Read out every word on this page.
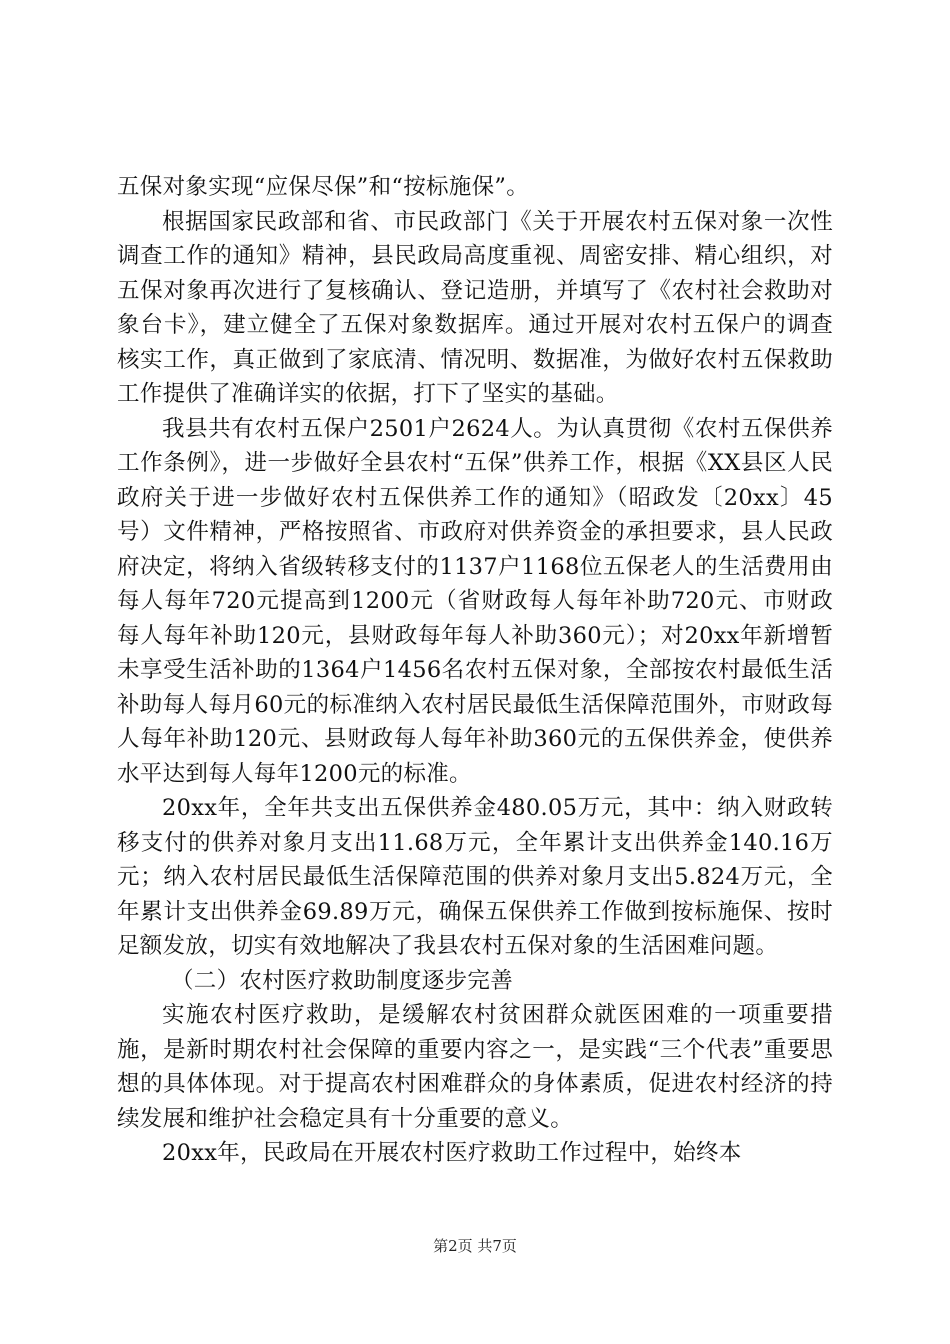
五保对象实现“应保尽保”和“按标施保”。

根据国家民政部和省、市民政部门《关于开展农村五保对象一次性调查工作的通知》精神，县民政局高度重视、周密安排、精心组织，对五保对象再次进行了复核确认、登记造册，并填写了《农村社会救助对象台卡》，建立健全了五保对象数据库。通过开展对农村五保户的调查核实工作，真正做到了家底清、情况明、数据准，为做好农村五保救助工作提供了准确详实的依据，打下了坚实的基础。

我县共有农村五保户2501户2624人。为认真贯彻《农村五保供养工作条例》，进一步做好全县农村“五保”供养工作，根据《XX县区人民政府关于进一步做好农村五保供养工作的通知》（昭政发〔20xx〕45号）文件精神，严格按照省、市政府对供养资金的承担要求，县人民政府决定，将纳入省级转移支付的1137户1168位五保老人的生活费用由每人每年720元提高到1200元（省财政每人每年补助720元、市财政每人每年补助120元，县财政每年每人补助360元）；对20xx年新增暂未享受生活补助的1364户1456名农村五保对象，全部按农村最低生活补助每人每月60元的标准纳入农村居民最低生活保障范围外，市财政每人每年补助120元、县财政每人每年补助360元的五保供养金，使供养水平达到每人每年1200元的标准。

20xx年，全年共支出五保供养金480.05万元，其中：纳入财政转移支付的供养对象月支出11.68万元，全年累计支出供养金140.16万元；纳入农村居民最低生活保障范围的供养对象月支出5.824万元，全年累计支出供养金69.89万元，确保五保供养工作做到按标施保、按时足额发放，切实有效地解决了我县农村五保对象的生活困难问题。

（二）农村医疗救助制度逐步完善

实施农村医疗救助，是缓解农村贫困群众就医困难的一项重要措施，是新时期农村社会保障的重要内容之一，是实践“三个代表”重要思想的具体体现。对于提高农村困难群众的身体素质，促进农村经济的持续发展和维护社会稳定具有十分重要的意义。

20xx年，民政局在开展农村医疗救助工作过程中，始终本

第2页 共7页
